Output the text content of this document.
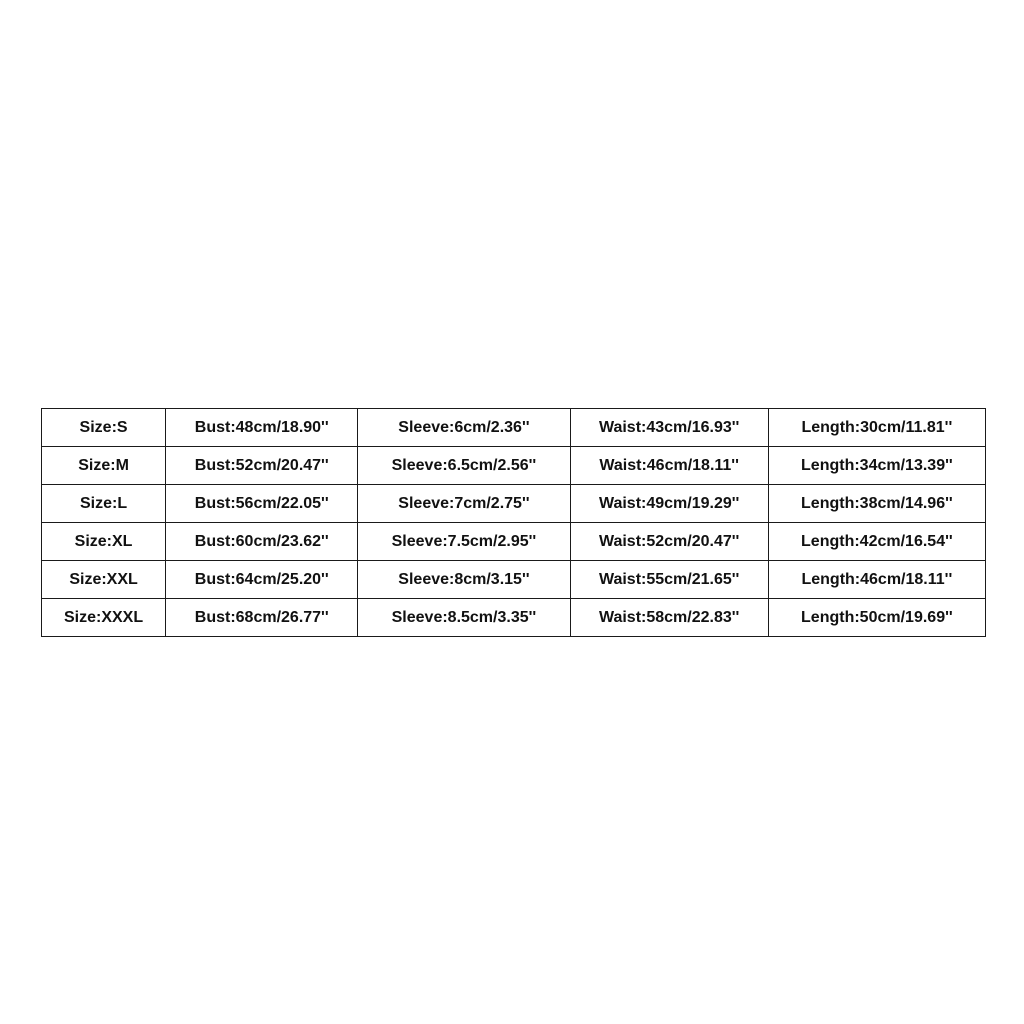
Size:S	Bust:48cm/18.90''	Sleeve:6cm/2.36''	Waist:43cm/16.93''	Length:30cm/11.81''
Size:M	Bust:52cm/20.47''	Sleeve:6.5cm/2.56''	Waist:46cm/18.11''	Length:34cm/13.39''
Size:L	Bust:56cm/22.05''	Sleeve:7cm/2.75''	Waist:49cm/19.29''	Length:38cm/14.96''
Size:XL	Bust:60cm/23.62''	Sleeve:7.5cm/2.95''	Waist:52cm/20.47''	Length:42cm/16.54''
Size:XXL	Bust:64cm/25.20''	Sleeve:8cm/3.15''	Waist:55cm/21.65''	Length:46cm/18.11''
Size:XXXL	Bust:68cm/26.77''	Sleeve:8.5cm/3.35''	Waist:58cm/22.83''	Length:50cm/19.69''
